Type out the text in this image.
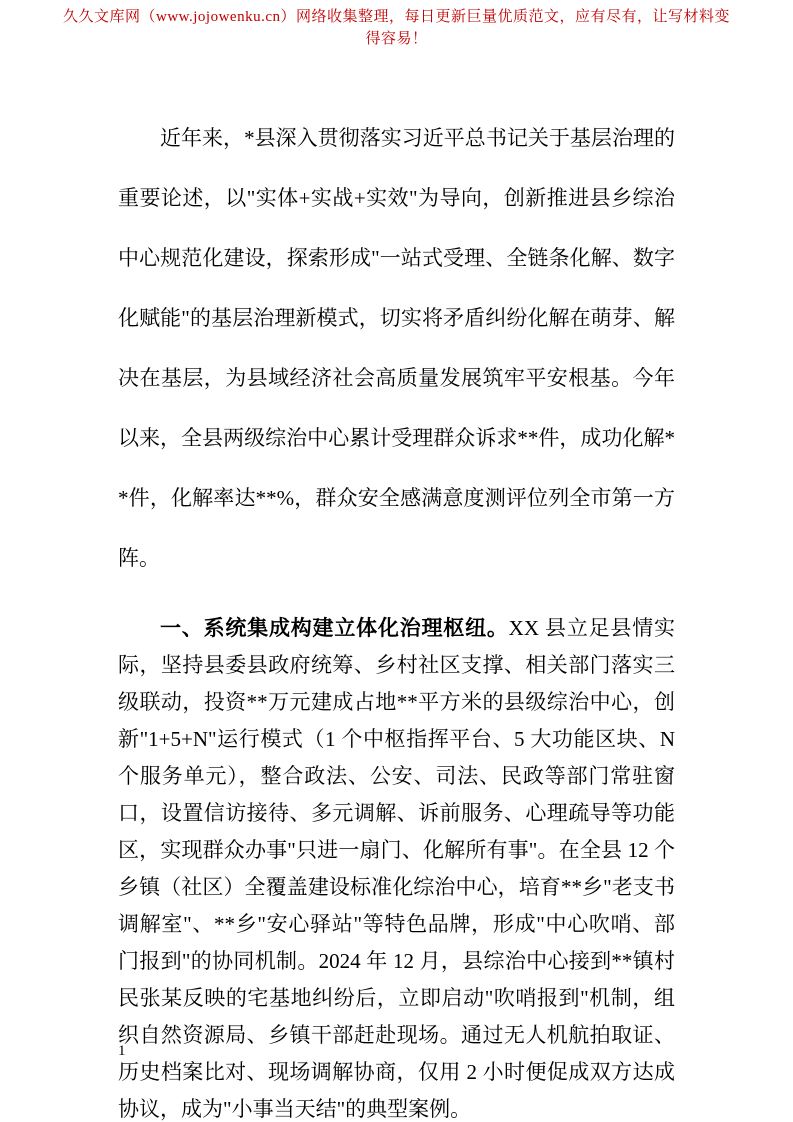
久久文库网（www.jojowenku.cn）网络收集整理，每日更新巨量优质范文，应有尽有，让写材料变得容易！

近年来，*县深入贯彻落实习近平总书记关于基层治理的重要论述，以"实体+实战+实效"为导向，创新推进县乡综治中心规范化建设，探索形成"一站式受理、全链条化解、数字化赋能"的基层治理新模式，切实将矛盾纠纷化解在萌芽、解决在基层，为县域经济社会高质量发展筑牢平安根基。今年以来，全县两级综治中心累计受理群众诉求**件，成功化解**件，化解率达**%，群众安全感满意度测评位列全市第一方阵。

一、系统集成构建立体化治理枢纽。XX 县立足县情实际，坚持县委县政府统筹、乡村社区支撑、相关部门落实三级联动，投资**万元建成占地**平方米的县级综治中心，创新"1+5+N"运行模式（1 个中枢指挥平台、5 大功能区块、N 个服务单元），整合政法、公安、司法、民政等部门常驻窗口，设置信访接待、多元调解、诉前服务、心理疏导等功能区，实现群众办事"只进一扇门、化解所有事"。在全县 12 个乡镇（社区）全覆盖建设标准化综治中心，培育**乡"老支书调解室"、**乡"安心驿站"等特色品牌，形成"中心吹哨、部门报到"的协同机制。2024 年 12 月，县综治中心接到**镇村民张某反映的宅基地纠纷后，立即启动"吹哨报到"机制，组织自然资源局、乡镇干部赶赴现场。通过无人机航拍取证、历史档案比对、现场调解协商，仅用 2 小时便促成双方达成协议，成为"小事当天结"的典型案例。

1
